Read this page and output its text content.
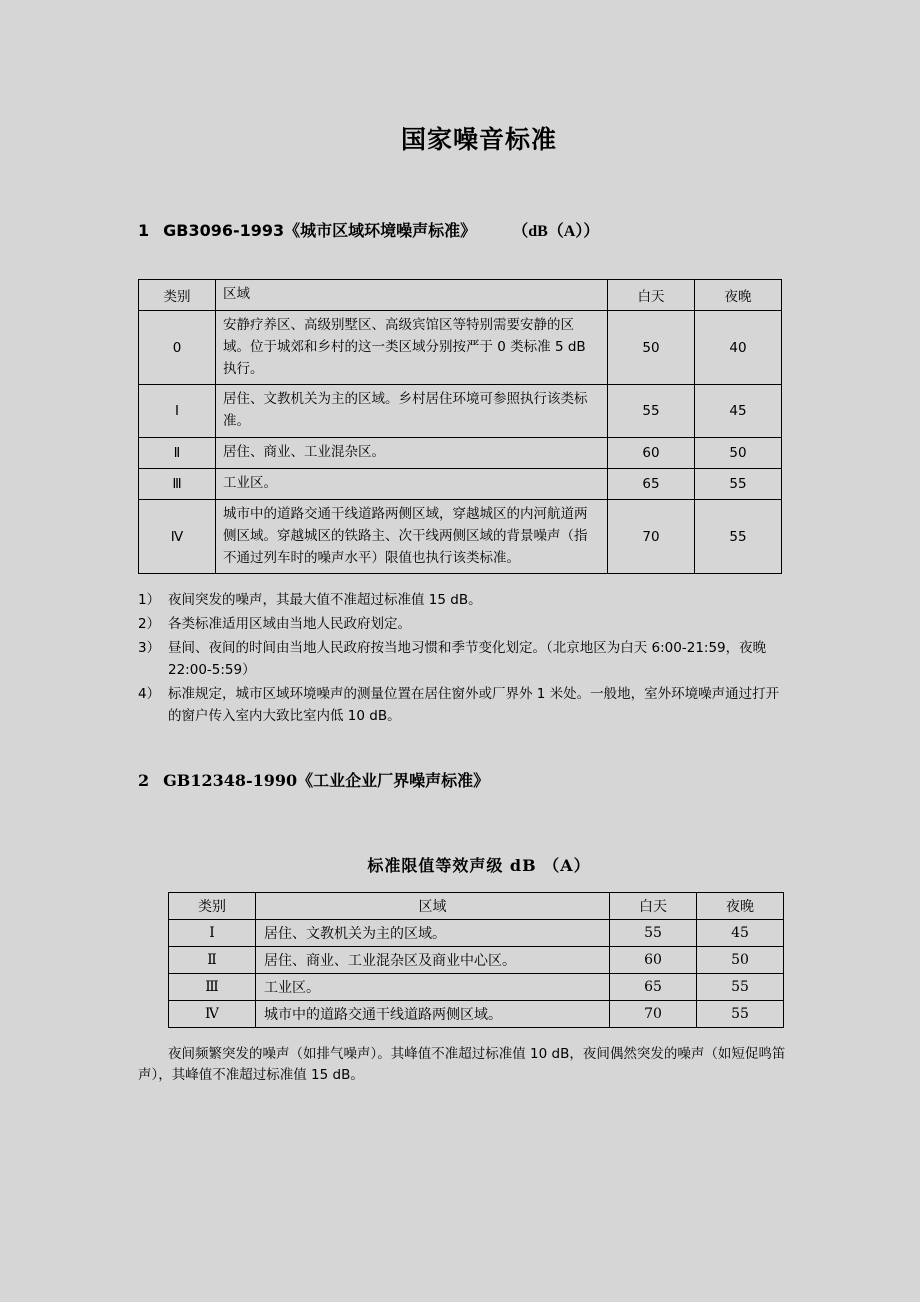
国家噪音标准
1 GB3096-1993《城市区域环境噪声标准》	（dB（A））
类别	区域	白天	夜晚
0	安静疗养区、高级别墅区、高级宾馆区等特别需要安静的区域。位于城郊和乡村的这一类区域分别按严于 0 类标准 5 dB 执行。	50	40
Ⅰ	居住、文教机关为主的区域。乡村居住环境可参照执行该类标准。	55	45
Ⅱ	居住、商业、工业混杂区。	60	50
Ⅲ	工业区。	65	55
Ⅳ	城市中的道路交通干线道路两侧区域，穿越城区的内河航道两侧区域。穿越城区的铁路主、次干线两侧区域的背景噪声（指不通过列车时的噪声水平）限值也执行该类标准。	70	55
1） 夜间突发的噪声，其最大值不准超过标准值 15 dB。
2） 各类标准适用区域由当地人民政府划定。
3） 昼间、夜间的时间由当地人民政府按当地习惯和季节变化划定。（北京地区为白天 6:00-21:59，夜晚 22:00-5:59）
4） 标准规定，城市区域环境噪声的测量位置在居住窗外或厂界外 1 米处。一般地，室外环境噪声通过打开的窗户传入室内大致比室内低 10 dB。
2 GB12348-1990《工业企业厂界噪声标准》
标准限值等效声级 dB （A）
类别	区域	白天	夜晚
Ⅰ	居住、文教机关为主的区域。	55	45
Ⅱ	居住、商业、工业混杂区及商业中心区。	60	50
Ⅲ	工业区。	65	55
Ⅳ	城市中的道路交通干线道路两侧区域。	70	55

夜间频繁突发的噪声（如排气噪声）。其峰值不准超过标准值 10 dB，夜间偶然突发的噪声（如短促鸣笛声），其峰值不准超过标准值 15 dB。
